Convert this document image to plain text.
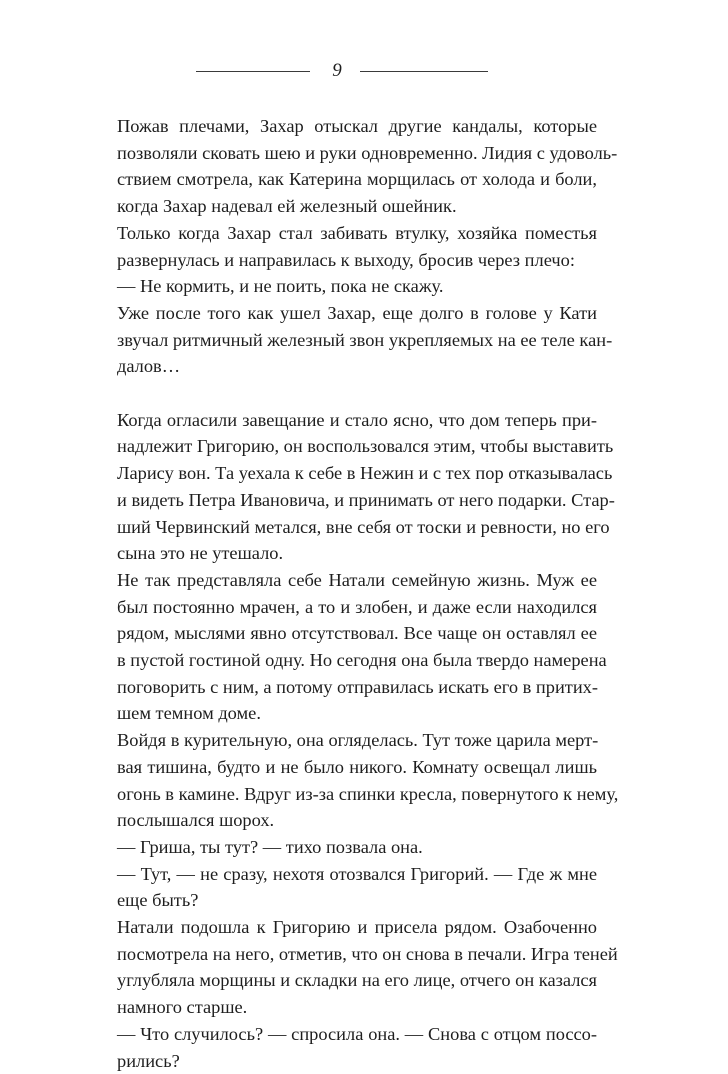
9

Пожав плечами, Захар отыскал другие кандалы, которые
позволяли сковать шею и руки одновременно. Лидия с удоволь-
ствием смотрела, как Катерина морщилась от холода и боли,
когда Захар надевал ей железный ошейник.

Только когда Захар стал забивать втулку, хозяйка поместья
развернулась и направилась к выходу, бросив через плечо:

— Не кормить, и не поить, пока не скажу.

Уже после того как ушел Захар, еще долго в голове у Кати
звучал ритмичный железный звон укрепляемых на ее теле кан-
далов…

Когда огласили завещание и стало ясно, что дом теперь при-
надлежит Григорию, он воспользовался этим, чтобы выставить
Ларису вон. Та уехала к себе в Нежин и с тех пор отказывалась
и видеть Петра Ивановича, и принимать от него подарки. Стар-
ший Червинский метался, вне себя от тоски и ревности, но его
сына это не утешало.

Не так представляла себе Натали семейную жизнь. Муж ее
был постоянно мрачен, а то и злобен, и даже если находился
рядом, мыслями явно отсутствовал. Все чаще он оставлял ее
в пустой гостиной одну. Но сегодня она была твердо намерена
поговорить с ним, а потому отправилась искать его в притих-
шем темном доме.

Войдя в курительную, она огляделась. Тут тоже царила мерт-
вая тишина, будто и не было никого. Комнату освещал лишь
огонь в камине. Вдруг из-за спинки кресла, повернутого к нему,
послышался шорох.

— Гриша, ты тут? — тихо позвала она.

— Тут, — не сразу, нехотя отозвался Григорий. — Где ж мне
еще быть?

Натали подошла к Григорию и присела рядом. Озабоченно
посмотрела на него, отметив, что он снова в печали. Игра теней
углубляла морщины и складки на его лице, отчего он казался
намного старше.

— Что случилось? — спросила она. — Снова с отцом поссо-
рились?
